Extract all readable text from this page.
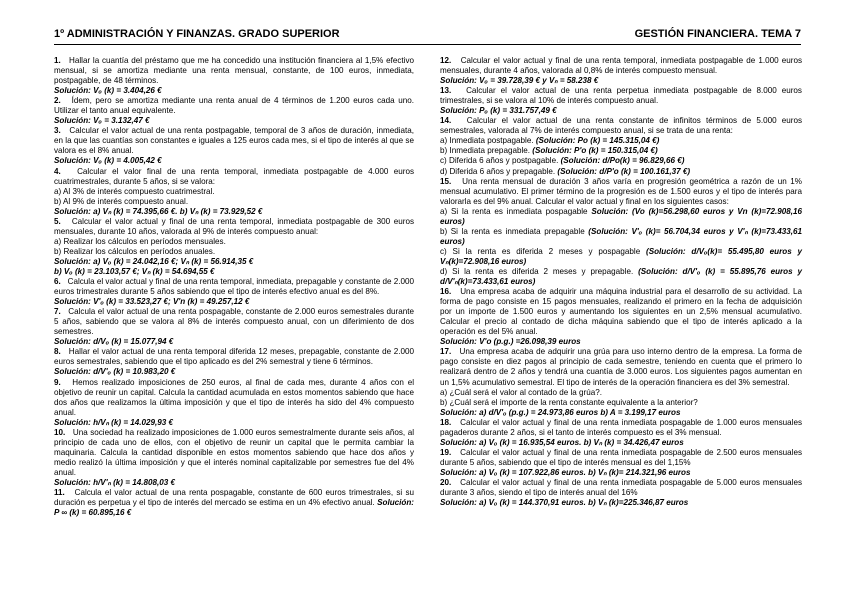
1º ADMINISTRACIÓN Y FINANZAS. GRADO SUPERIOR	GESTIÓN FINANCIERA. TEMA 7

1. Hallar la cuantía del préstamo que me ha concedido una institución financiera al 1,5% efectivo mensual, si se amortiza mediante una renta mensual, constante, de 100 euros, inmediata, postpagable, de 48 términos.

Solución: Vₒ (k) = 3.404,26 €

2. Ídem, pero se amortiza mediante una renta anual de 4 términos de 1.200 euros cada uno. Utilizar el tanto anual equivalente.

Solución: Vₒ = 3.132,47 €

3. Calcular el valor actual de una renta postpagable, temporal de 3 años de duración, inmediata, en la que las cuantías son constantes e iguales a 125 euros cada mes, si el tipo de interés al que se valora es el 8% anual.

Solución: Vₒ (k) = 4.005,42 €

4. Calcular el valor final de una renta temporal, inmediata postpagable de 4.000 euros cuatrimestrales, durante 5 años, si se valora:

a) Al 3% de interés compuesto cuatrimestral.

b) Al 9% de interés compuesto anual.

Solución: a) Vₙ (k) = 74.395,66 €. b) Vₙ (k) = 73.929,52 €

5. Calcular el valor actual y final de una renta temporal, inmediata postpagable de 300 euros mensuales, durante 10 años, valorada al 9% de interés compuesto anual:

a) Realizar los cálculos en períodos mensuales.

b) Realizar los cálculos en períodos anuales.

Solución: a) Vₒ (k) = 24.042,16 €; Vₙ (k) = 56.914,35 €

b) Vₒ (k) = 23.103,57 €; Vₙ (k) = 54.694,55 €

6. Calcula el valor actual y final de una renta temporal, inmediata, prepagable y constante de 2.000 euros trimestrales durante 5 años sabiendo que el tipo de interés efectivo anual es del 8%.

Solución: V'ₒ (k) = 33.523,27 €; V'n (k) = 49.257,12 €

7. Calcula el valor actual de una renta pospagable, constante de 2.000 euros semestrales durante 5 años, sabiendo que se valora al 8% de interés compuesto anual, con un diferimiento de dos semestres.

Solución: d/Vₒ (k) = 15.077,94 €

8. Hallar el valor actual de una renta temporal diferida 12 meses, prepagable, constante de 2.000 euros semestrales, sabiendo que el tipo aplicado es del 2% semestral y tiene 6 términos.

Solución: d/V'ₒ (k) = 10.983,20 €

9. Hemos realizado imposiciones de 250 euros, al final de cada mes, durante 4 años con el objetivo de reunir un capital. Calcula la cantidad acumulada en estos momentos sabiendo que hace dos años que realizamos la última imposición y que el tipo de interés ha sido del 4% compuesto anual.

Solución: h/Vₙ (k) = 14.029,93 €

10. Una sociedad ha realizado imposiciones de 1.000 euros semestralmente durante seis años, al principio de cada uno de ellos, con el objetivo de reunir un capital que le permita cambiar la maquinaria. Calcula la cantidad disponible en estos momentos sabiendo que hace dos años y medio realizó la última imposición y que el interés nominal capitalizable por semestres fue del 4% anual.

Solución: h/V'ₙ (k) = 14.808,03 €

11. Calcula el valor actual de una renta pospagable, constante de 600 euros trimestrales, si su duración es perpetua y el tipo de interés del mercado se estima en un 4% efectivo anual. Solución: P ∞ (k) = 60.895,16 €

12. Calcular el valor actual y final de una renta temporal, inmediata postpagable de 1.000 euros mensuales, durante 4 años, valorada al 0,8% de interés compuesto mensual.

Solución: Vₒ = 39.728,39 € y Vₙ = 58.238 €

13. Calcular el valor actual de una renta perpetua inmediata postpagable de 8.000 euros trimestrales, si se valora al 10% de interés compuesto anual.

Solución: Pₒ (k) = 331.757,49 €

14. Calcular el valor actual de una renta constante de infinitos términos de 5.000 euros semestrales, valorada al 7% de interés compuesto anual, si se trata de una renta:

a) Inmediata postpagable. (Solución: Po (k) = 145.315,04 €)

b) Inmediata prepagable. (Solución: P'o (k) = 150.315,04 €)

c) Diferida 6 años y postpagable. (Solución: d/Po(k) = 96.829,66 €)

d) Diferida 6 años y prepagable. (Solución: d/P'o (k) = 100.161,37 €)

15. Una renta mensual de duración 3 años varía en progresión geométrica a razón de un 1% mensual acumulativo. El primer término de la progresión es de 1.500 euros y el tipo de interés para valorarla es del 9% anual. Calcular el valor actual y final en los siguientes casos:

a) Si la renta es inmediata pospagable Solución: (Vo (k)=56.298,60 euros y Vn (k)=72.908,16 euros)

b) Si la renta es inmediata prepagable (Solución: V'ₒ (k)= 56.704,34 euros y V'ₙ (k)=73.433,61 euros)

c) Si la renta es diferida 2 meses y pospagable (Solución: d/Vₒ(k)= 55.495,80 euros y Vₙ(k)=72.908,16 euros)

d) Si la renta es diferida 2 meses y prepagable. (Solución: d/V'ₒ (k) = 55.895,76 euros y d/V'ₙ(k)=73.433,61 euros)

16. Una empresa acaba de adquirir una máquina industrial para el desarrollo de su actividad. La forma de pago consiste en 15 pagos mensuales, realizando el primero en la fecha de adquisición por un importe de 1.500 euros y aumentando los siguientes en un 2,5% mensual acumulativo. Calcular el precio al contado de dicha máquina sabiendo que el tipo de interés aplicado a la operación es del 5% anual.

Solución: V'o (p.g.) =26.098,39 euros

17. Una empresa acaba de adquirir una grúa para uso interno dentro de la empresa. La forma de pago consiste en diez pagos al principio de cada semestre, teniendo en cuenta que el primero lo realizará dentro de 2 años y tendrá una cuantía de 3.000 euros. Los siguientes pagos aumentan en un 1,5% acumulativo semestral. El tipo de interés de la operación financiera es del 3% semestral.

a) ¿Cuál será el valor al contado de la grúa?.

b) ¿Cuál será el importe de la renta constante equivalente a la anterior?

Solución: a) d/V'ₒ (p.g.) = 24.973,86 euros b) A = 3.199,17 euros

18. Calcular el valor actual y final de una renta inmediata pospagable de 1.000 euros mensuales pagaderos durante 2 años, si el tanto de interés compuesto es el 3% mensual.

Solución: a) Vₒ (k) = 16.935,54 euros. b) Vₙ (k) = 34.426,47 euros

19. Calcular el valor actual y final de una renta inmediata pospagable de 2.500 euros mensuales durante 5 años, sabiendo que el tipo de interés mensual es del 1,15%

Solución: a) Vₒ (k) = 107.922,86 euros. b) Vₙ (k)= 214.321,96 euros

20. Calcular el valor actual y final de una renta inmediata pospagable de 5.000 euros mensuales durante 3 años, siendo el tipo de interés anual del 16%

Solución: a) Vₒ (k) = 144.370,91 euros. b) Vₙ (k)=225.346,87 euros
